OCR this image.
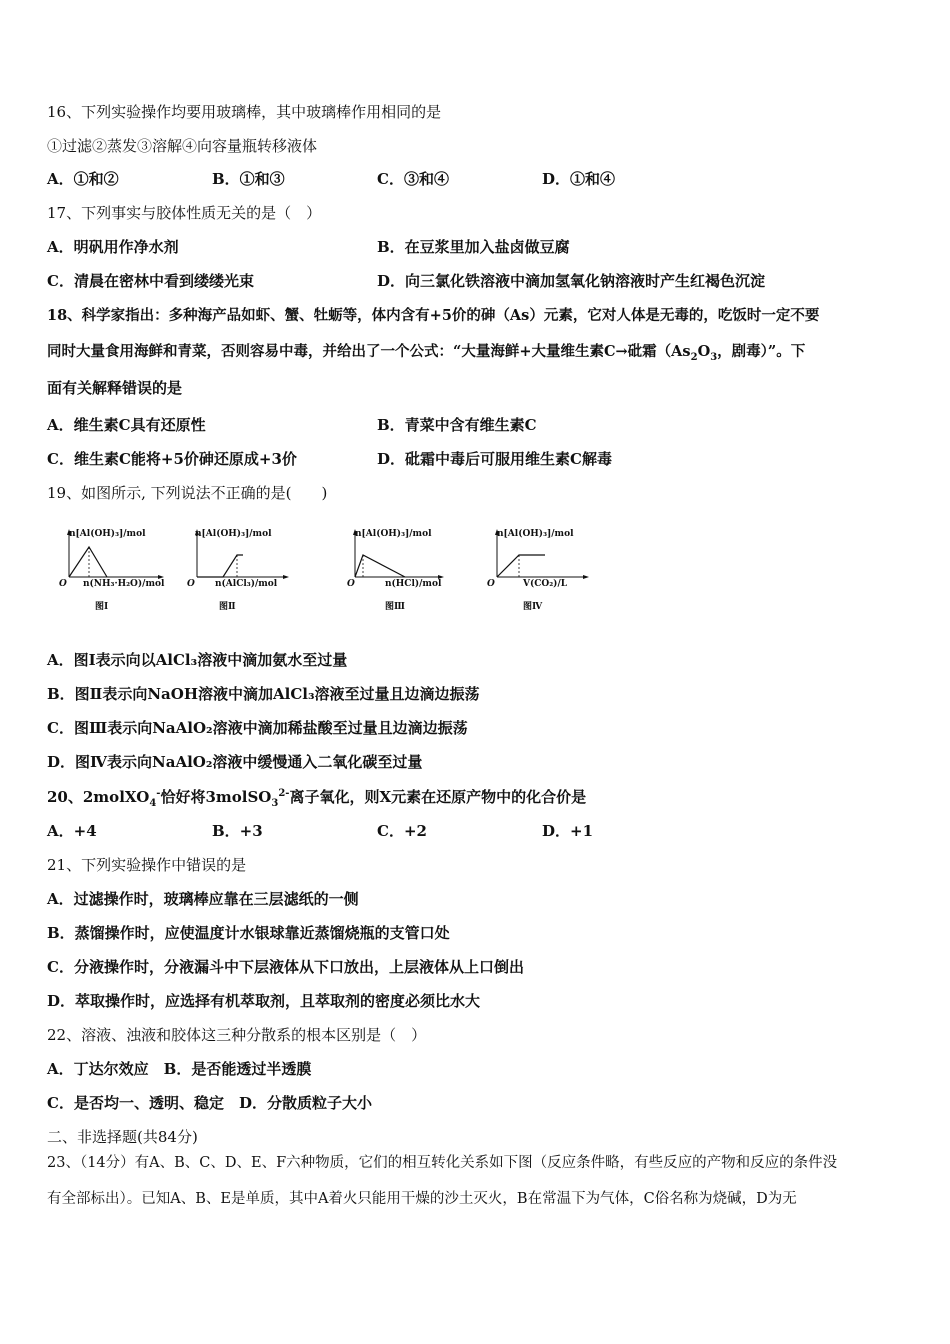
16、下列实验操作均要用玻璃棒，其中玻璃棒作用相同的是
①过滤②蒸发③溶解④向容量瓶转移液体
A．①和②	B．①和③	C．③和④	D．①和④
17、下列事实与胶体性质无关的是（　）
A．明矾用作净水剂	B．在豆浆里加入盐卤做豆腐
C．清晨在密林中看到缕缕光束	D．向三氯化铁溶液中滴加氢氧化钠溶液时产生红褐色沉淀
18、科学家指出：多种海产品如虾、蟹、牡蛎等，体内含有+5价的砷（As）元素，它对人体是无毒的，吃饭时一定不要
同时大量食用海鲜和青菜，否则容易中毒，并给出了一个公式：“大量海鲜+大量维生素C→砒霜（$As_2O_3$，剧毒）”。下
面有关解释错误的是
A．维生素C具有还原性	B．青菜中含有维生素C
C．维生素C能将+5价砷还原成+3价	D．砒霜中毒后可服用维生素C解毒
19、如图所示, 下列说法不正确的是(　　)
n[Al(OH)₃]/mol
O n(NH₃·H₂O)/mol
图Ⅰ
n[Al(OH)₃]/mol
O n(AlCl₃)/mol
图Ⅱ
n[Al(OH)₃]/mol
O	n(HCl)/mol
图Ⅲ
n[Al(OH)₃]/mol
O	V(CO₂)/L
图Ⅳ
A．图Ⅰ表示向以AlCl₃溶液中滴加氨水至过量
B．图Ⅱ表示向NaOH溶液中滴加AlCl₃溶液至过量且边滴边振荡
C．图Ⅲ表示向NaAlO₂溶液中滴加稀盐酸至过量且边滴边振荡
D．图Ⅳ表示向NaAlO₂溶液中缓慢通入二氧化碳至过量
20、2molXO$_4$-恰好将3molSO$_3^{2-}$离子氧化，则X元素在还原产物中的化合价是
A．+4	B．+3	C．+2	D．+1
21、下列实验操作中错误的是
A．过滤操作时，玻璃棒应靠在三层滤纸的一侧
B．蒸馏操作时，应使温度计水银球靠近蒸馏烧瓶的支管口处
C．分液操作时，分液漏斗中下层液体从下口放出，上层液体从上口倒出
D．萃取操作时，应选择有机萃取剂，且萃取剂的密度必须比水大
22、溶液、浊液和胶体这三种分散系的根本区别是（　）
A．丁达尔效应　B．是否能透过半透膜
C．是否均一、透明、稳定　D．分散质粒子大小
二、非选择题(共84分)
23、（14分）有A、B、C、D、E、F六种物质，它们的相互转化关系如下图（反应条件略，有些反应的产物和反应的条件没
有全部标出）。已知A、B、E是单质，其中A着火只能用干燥的沙土灭火，B在常温下为气体，C俗名称为烧碱，D为无
